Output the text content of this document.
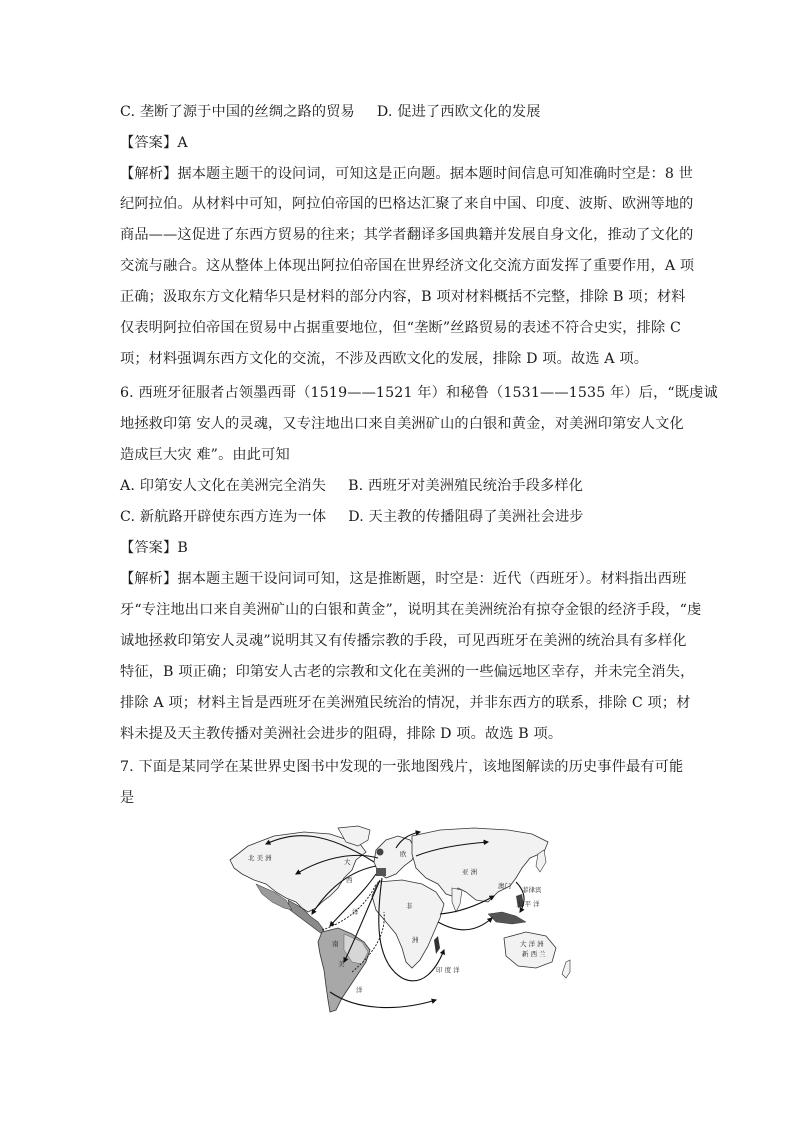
C. 垄断了源于中国的丝绸之路的贸易 D. 促进了西欧文化的发展
【答案】A
【解析】据本题主题干的设问词，可知这是正向题。据本题时间信息可知准确时空是：8 世
纪阿拉伯。从材料中可知，阿拉伯帝国的巴格达汇聚了来自中国、印度、波斯、欧洲等地的
商品——这促进了东西方贸易的往来；其学者翻译多国典籍并发展自身文化，推动了文化的
交流与融合。这从整体上体现出阿拉伯帝国在世界经济文化交流方面发挥了重要作用，A 项
正确；汲取东方文化精华只是材料的部分内容，B 项对材料概括不完整，排除 B 项；材料
仅表明阿拉伯帝国在贸易中占据重要地位，但“垄断”丝路贸易的表述不符合史实，排除 C
项；材料强调东西方文化的交流，不涉及西欧文化的发展，排除 D 项。故选 A 项。
6. 西班牙征服者占领墨西哥（1519——1521 年）和秘鲁（1531——1535 年）后，“既虔诚
地拯救印第 安人的灵魂，又专注地出口来自美洲矿山的白银和黄金，对美洲印第安人文化
造成巨大灾 难”。由此可知
A. 印第安人文化在美洲完全消失 B. 西班牙对美洲殖民统治手段多样化
C. 新航路开辟使东西方连为一体 D. 天主教的传播阻碍了美洲社会进步
【答案】B
【解析】据本题主题干设问词可知，这是推断题，时空是：近代（西班牙）。材料指出西班
牙“专注地出口来自美洲矿山的白银和黄金”，说明其在美洲统治有掠夺金银的经济手段，“虔
诚地拯救印第安人灵魂”说明其又有传播宗教的手段，可见西班牙在美洲的统治具有多样化
特征，B 项正确；印第安人古老的宗教和文化在美洲的一些偏远地区幸存，并未完全消失，
排除 A 项；材料主旨是西班牙在美洲殖民统治的情况，并非东西方的联系，排除 C 项；材
料未提及天主教传播对美洲社会进步的阻碍，排除 D 项。故选 B 项。
7. 下面是某同学在某世界史图书中发现的一张地图残片，该地图解读的历史事件最有可能
是
北 美 洲	大
西
洋
欧
亚 洲
非
洲
南
美
印 度 洋
太 平 洋
大 洋 洲
新 西 兰
洋
澳门 菲律宾
